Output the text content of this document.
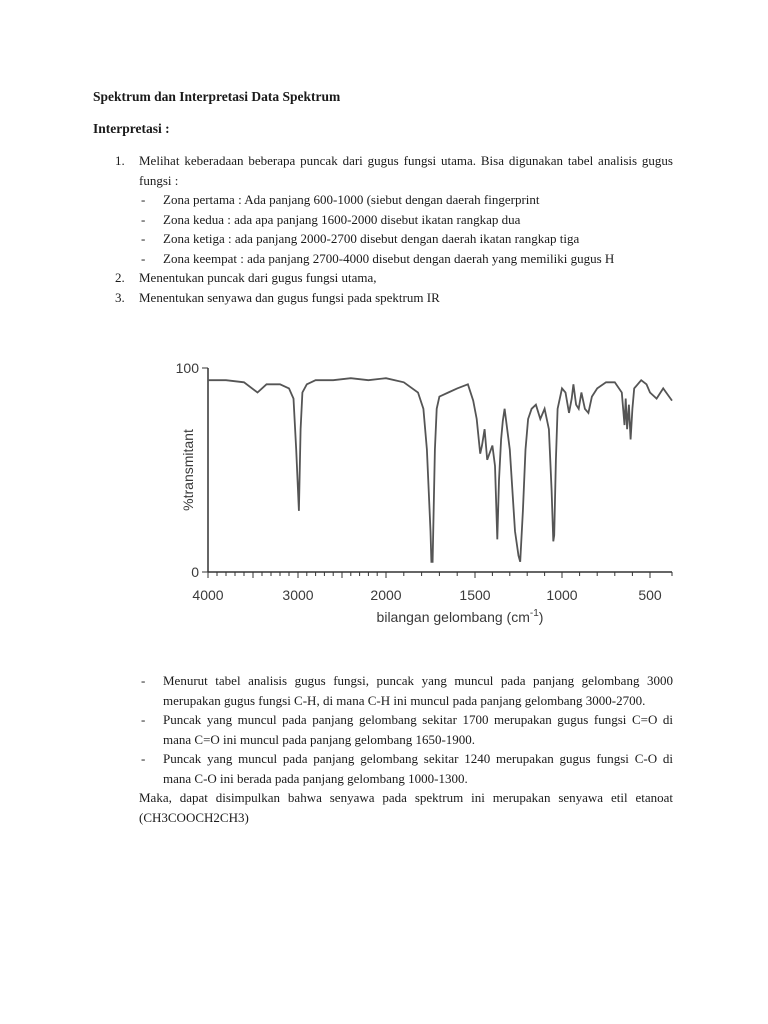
Spektrum dan Interpretasi Data Spektrum
Interpretasi :
1. Melihat keberadaan beberapa puncak dari gugus fungsi utama. Bisa digunakan tabel analisis gugus fungsi :
- Zona pertama : Ada panjang 600-1000 (siebut dengan daerah fingerprint
- Zona kedua : ada apa panjang 1600-2000 disebut ikatan rangkap dua
- Zona ketiga : ada panjang 2000-2700 disebut dengan daerah ikatan rangkap tiga
- Zona keempat : ada panjang 2700-4000 disebut dengan daerah yang memiliki gugus H
2. Menentukan puncak dari gugus fungsi utama,
3. Menentukan senyawa dan gugus fungsi pada spektrum IR
4000	3000	2000	1500	1000	500
0
100
%transmitant
bilangan gelombang $(cm^{-1})$
- Menurut tabel analisis gugus fungsi, puncak yang muncul pada panjang gelombang 3000 merupakan gugus fungsi C-H, di mana C-H ini muncul pada panjang gelombang 3000-2700.
- Puncak yang muncul pada panjang gelombang sekitar 1700 merupakan gugus fungsi C=O di mana C=O ini muncul pada panjang gelombang 1650-1900.
- Puncak yang muncul pada panjang gelombang sekitar 1240 merupakan gugus fungsi C-O di mana C-O ini berada pada panjang gelombang 1000-1300.
Maka, dapat disimpulkan bahwa senyawa pada spektrum ini merupakan senyawa etil etanoat (CH3COOCH2CH3)
